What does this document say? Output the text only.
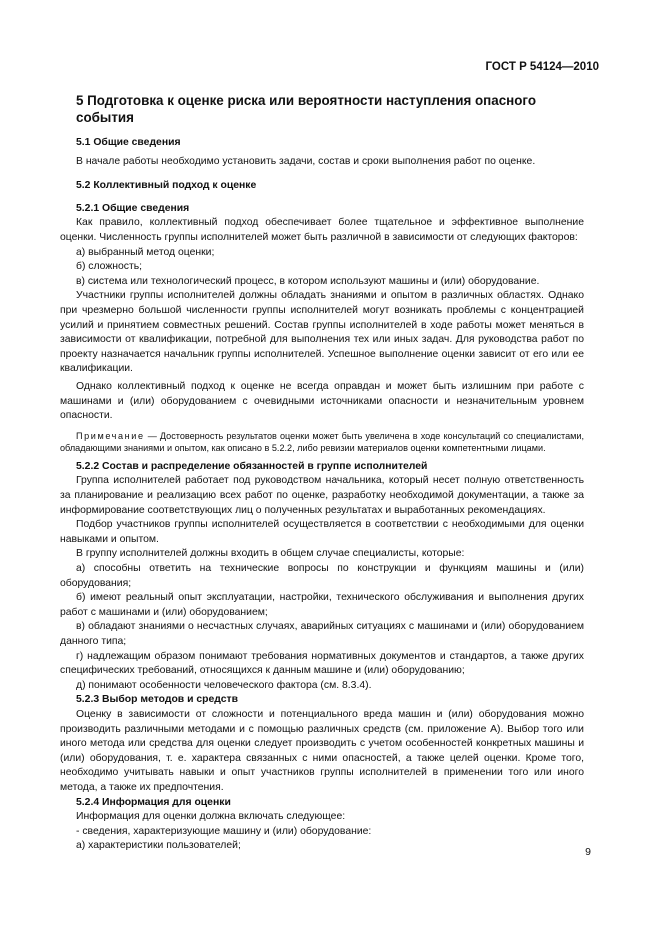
ГОСТ Р 54124—2010
5 Подготовка к оценке риска или вероятности наступления опасного события
5.1 Общие сведения

В начале работы необходимо установить задачи, состав и сроки выполнения работ по оценке.

5.2 Коллективный подход к оценке
5.2.1 Общие сведения

Как правило, коллективный подход обеспечивает более тщательное и эффективное выполнение оценки. Численность группы исполнителей может быть различной в зависимости от следующих факторов:

а) выбранный метод оценки;

б) сложность;

в) система или технологический процесс, в котором используют машины и (или) оборудование.

Участники группы исполнителей должны обладать знаниями и опытом в различных областях. Однако при чрезмерно большой численности группы исполнителей могут возникать проблемы с концентрацией усилий и принятием совместных решений. Состав группы исполнителей в ходе работы может меняться в зависимости от квалификации, потребной для выполнения тех или иных задач. Для руководства работ по проекту назначается начальник группы исполнителей. Успешное выполнение оценки зависит от его или ее квалификации.

Однако коллективный подход к оценке не всегда оправдан и может быть излишним при работе с машинами и (или) оборудованием с очевидными источниками опасности и незначительным уровнем опасности.

Примечание — Достоверность результатов оценки может быть увеличена в ходе консультаций со специалистами, обладающими знаниями и опытом, как описано в 5.2.2, либо ревизии материалов оценки компетентными лицами.
5.2.2 Состав и распределение обязанностей в группе исполнителей

Группа исполнителей работает под руководством начальника, который несет полную ответственность за планирование и реализацию всех работ по оценке, разработку необходимой документации, а также за информирование соответствующих лиц о полученных результатах и выработанных рекомендациях.

Подбор участников группы исполнителей осуществляется в соответствии с необходимыми для оценки навыками и опытом.

В группу исполнителей должны входить в общем случае специалисты, которые:

а) способны ответить на технические вопросы по конструкции и функциям машины и (или) оборудования;

б) имеют реальный опыт эксплуатации, настройки, технического обслуживания и выполнения других работ с машинами и (или) оборудованием;

в) обладают знаниями о несчастных случаях, аварийных ситуациях с машинами и (или) оборудованием данного типа;

г) надлежащим образом понимают требования нормативных документов и стандартов, а также других специфических требований, относящихся к данным машине и (или) оборудованию;

д) понимают особенности человеческого фактора (см. 8.3.4).

5.2.3 Выбор методов и средств

Оценку в зависимости от сложности и потенциального вреда машин и (или) оборудования можно производить различными методами и с помощью различных средств (см. приложение А). Выбор того или иного метода или средства для оценки следует производить с учетом особенностей конкретных машины и (или) оборудования, т. е. характера связанных с ними опасностей, а также целей оценки. Кроме того, необходимо учитывать навыки и опыт участников группы исполнителей в применении того или иного метода, а также их предпочтения.

5.2.4 Информация для оценки

Информация для оценки должна включать следующее:

- сведения, характеризующие машину и (или) оборудование:

а) характеристики пользователей;

9
